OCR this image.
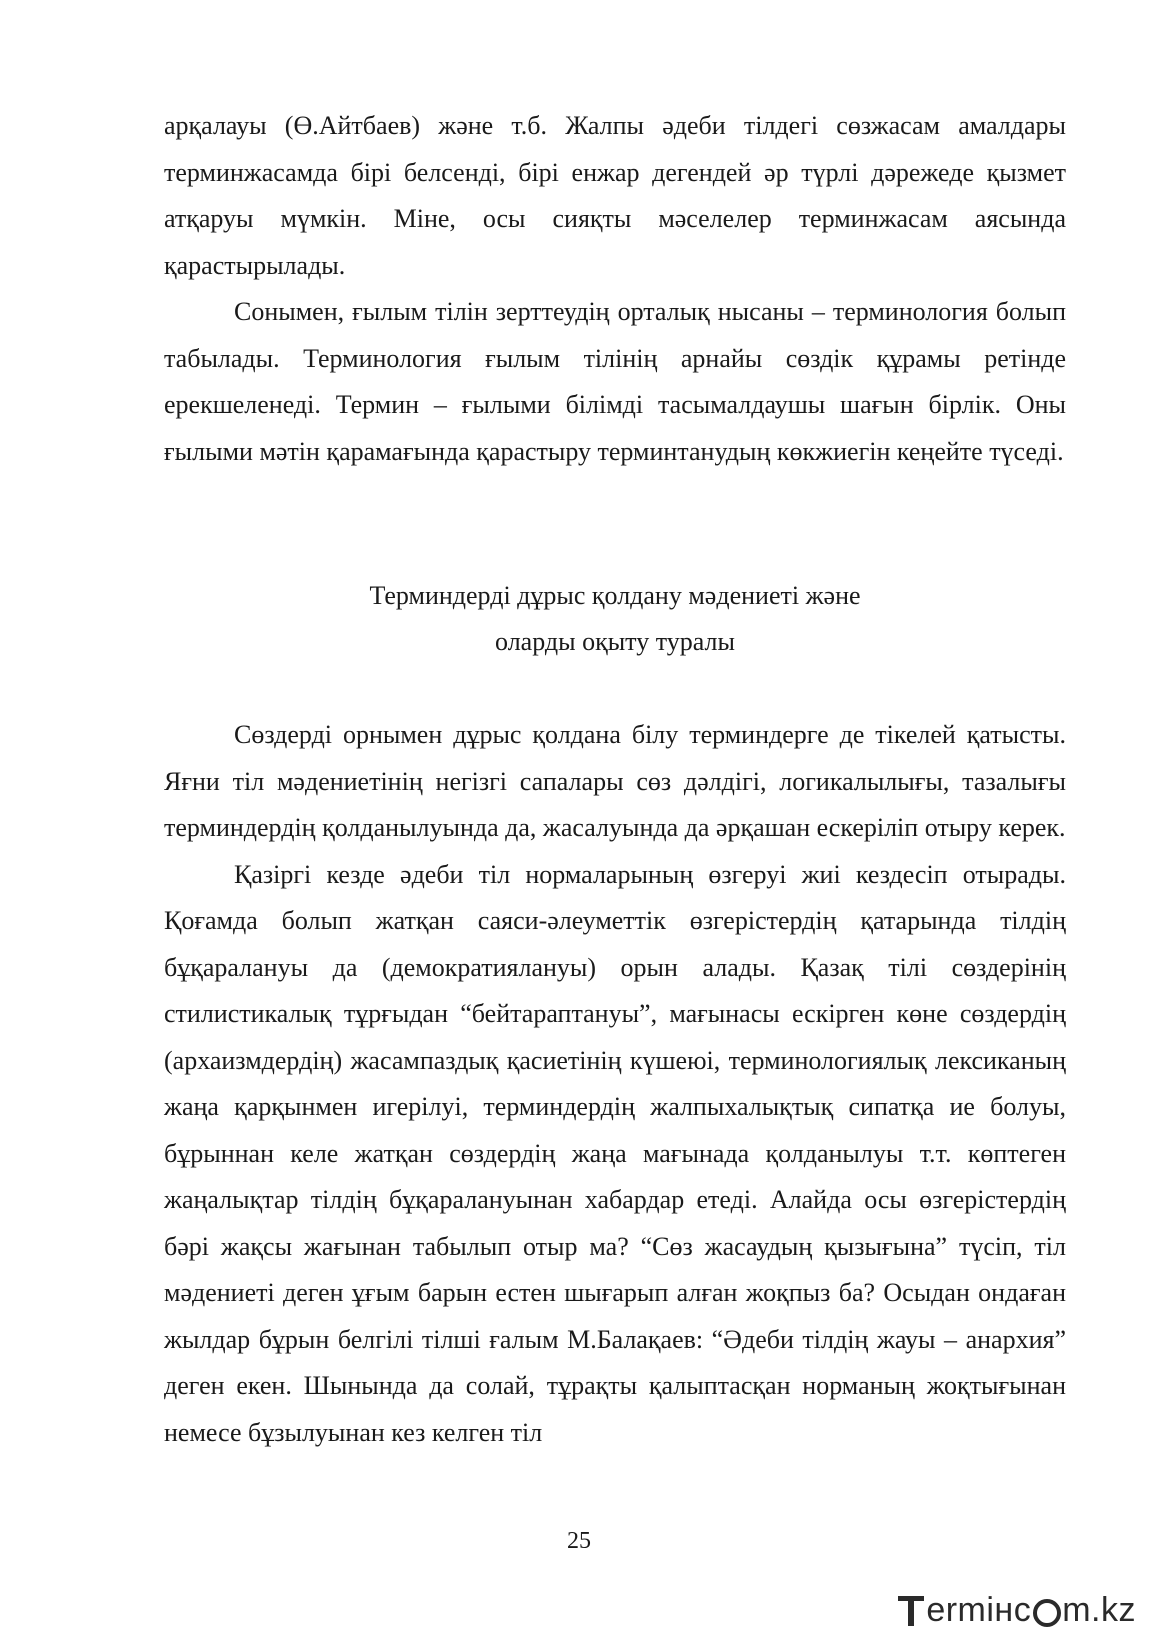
арқалауы (Ө.Айтбаев) және т.б. Жалпы әдеби тілдегі сөзжасам амалдары терминжасамда бірі белсенді, бірі енжар дегендей әр түрлі дәрежеде қызмет атқаруы мүмкін. Міне, осы сияқты мәселелер терминжасам аясында қарастырылады.

Сонымен, ғылым тілін зерттеудің орталық нысаны – терминология болып табылады. Терминология ғылым тілінің арнайы сөздік құрамы ретінде ерекшеленеді. Термин – ғылыми білімді тасымалдаушы шағын бірлік. Оны ғылыми мәтін қарамағында қарастыру терминтанудың көкжиегін кеңейте түседі.

Терминдерді дұрыс қолдану мәдениеті және
оларды оқыту туралы

Сөздерді орнымен дұрыс қолдана білу терминдерге де тікелей қатысты. Яғни тіл мәдениетінің негізгі сапалары сөз дәлдігі, логикалылығы, тазалығы терминдердің қолданылуында да, жасалуында да әрқашан ескеріліп отыру керек.

Қазіргі кезде әдеби тіл нормаларының өзгеруі жиі кездесіп отырады. Қоғамда болып жатқан саяси-әлеуметтік өзгерістердің қатарында тілдің бұқаралануы да (демократиялануы) орын алады. Қазақ тілі сөздерінің стилистикалық тұрғыдан “бейтараптануы”, мағынасы ескірген көне сөздердің (архаизмдердің) жасампаздық қасиетінің күшеюі, терминологиялық лексиканың жаңа қарқынмен игерілуі, терминдердің жалпыхалықтық сипатқа ие болуы, бұрыннан келе жатқан сөздердің жаңа мағынада қолданылуы т.т. көптеген жаңалықтар тілдің бұқаралануынан хабардар етеді. Алайда осы өзгерістердің бәрі жақсы жағынан табылып отыр ма? “Сөз жасаудың қызығына” түсіп, тіл мәдениеті деген ұғым барын естен шығарып алған жоқпыз ба? Осыдан ондаған жылдар бұрын белгілі тілші ғалым М.Балақаев: “Әдеби тілдің жауы – анархия” деген екен. Шынында да солай, тұрақты қалыптасқан норманың жоқтығынан немесе бұзылуынан кез келген тіл

25
ermінc m.kz
